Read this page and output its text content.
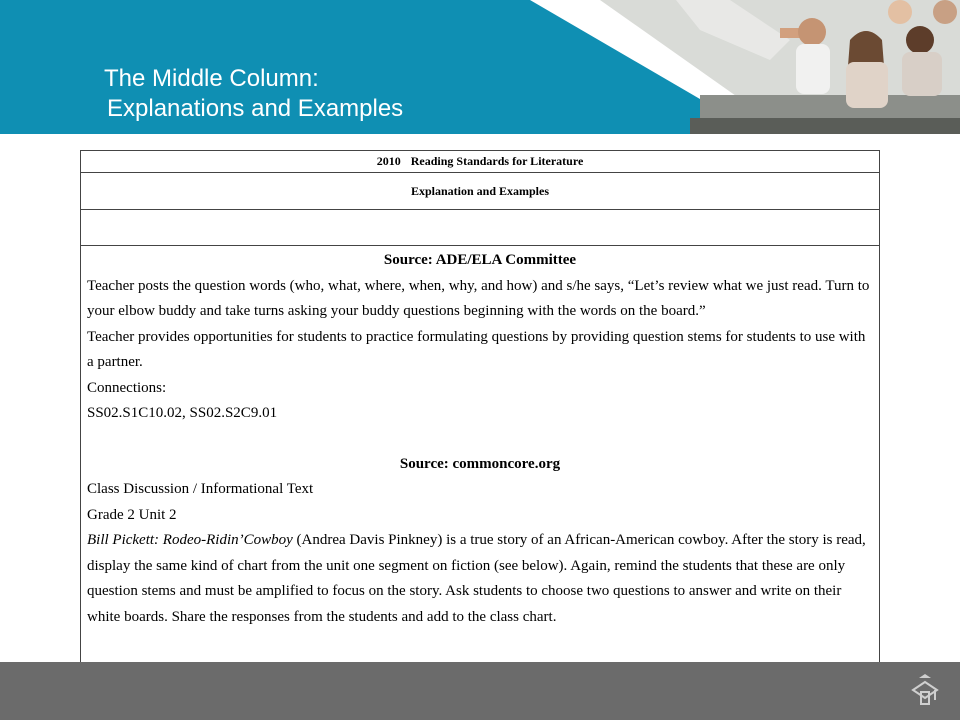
The Middle Column:
Explanations and Examples
2010 Reading Standards for Literature
Explanation and Examples
Source: ADE/ELA Committee
Teacher posts the question words (who, what, where, when, why, and how) and s/he says, “Let’s review what we just read. Turn to your elbow buddy and take turns asking your buddy questions beginning with the words on the board.”
Teacher provides opportunities for students to practice formulating questions by providing question stems for students to use with a partner.
Connections:
SS02.S1C10.02, SS02.S2C9.01
Source: commoncore.org
Class Discussion / Informational Text
Grade 2 Unit 2
Bill Pickett: Rodeo-Ridin’Cowboy (Andrea Davis Pinkney) is a true story of an African-American cowboy. After the story is read, display the same kind of chart from the unit one segment on fiction (see below). Again, remind the students that these are only question stems and must be amplified to focus on the story. Ask students to choose two questions to answer and write on their white boards. Share the responses from the students and add to the class chart.
